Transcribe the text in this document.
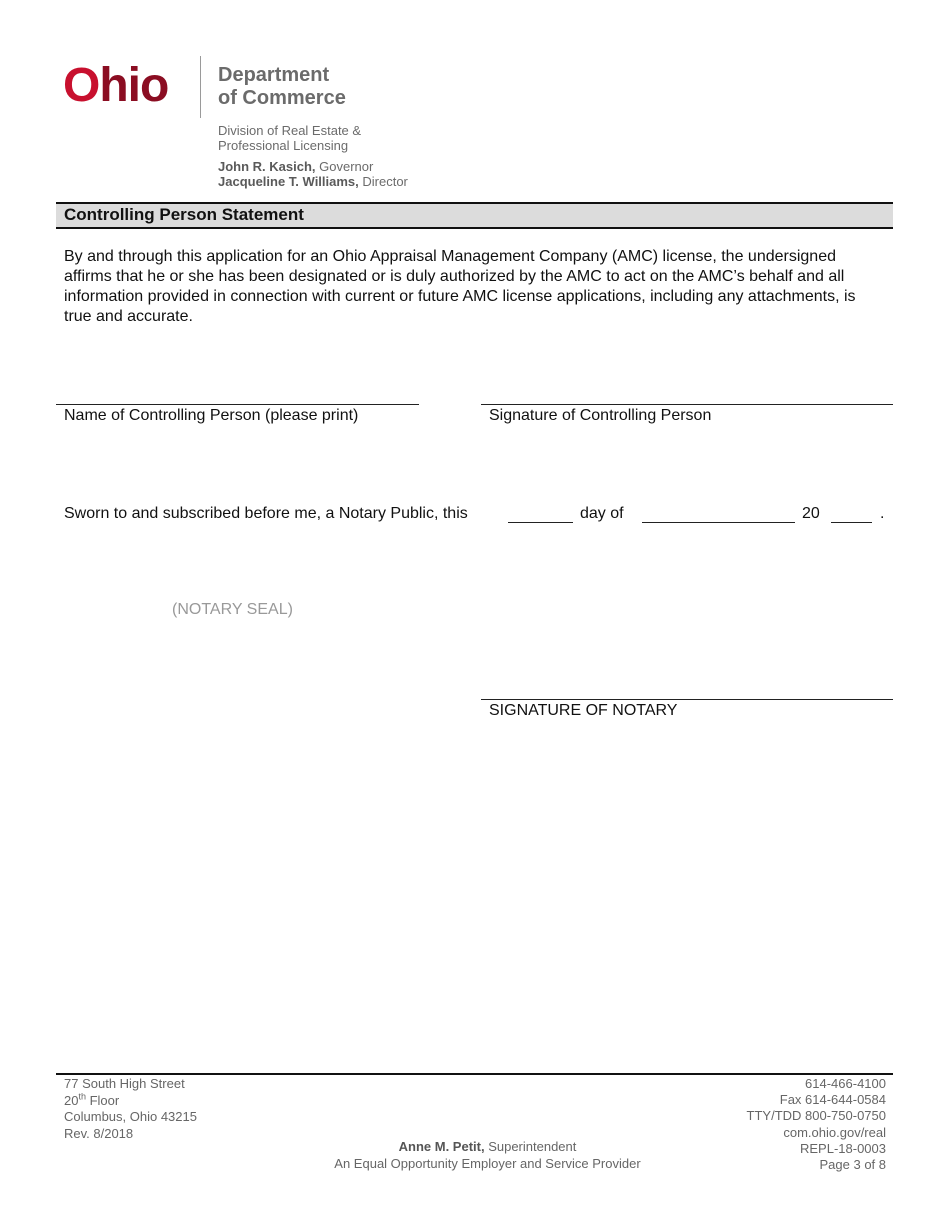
Ohio Department
of Commerce
Division of Real Estate &
Professional Licensing
John R. Kasich, Governor
Jacqueline T. Williams, Director
Controlling Person Statement
By and through this application for an Ohio Appraisal Management Company (AMC) license, the undersigned affirms that he or she has been designated or is duly authorized by the AMC to act on the AMC’s behalf and all information provided in connection with current or future AMC license applications, including any attachments, is true and accurate.
Name of Controlling Person (please print)	Signature of Controlling Person
Sworn to and subscribed before me, a Notary Public, this	day of	20	.
(NOTARY SEAL)
SIGNATURE OF NOTARY
77 South High Street
20th Floor
Columbus, Ohio 43215
Rev. 8/2018
Anne M. Petit, Superintendent
An Equal Opportunity Employer and Service Provider
614-466-4100
Fax 614-644-0584
TTY/TDD 800-750-0750
com.ohio.gov/real
REPL-18-0003
Page 3 of 8
